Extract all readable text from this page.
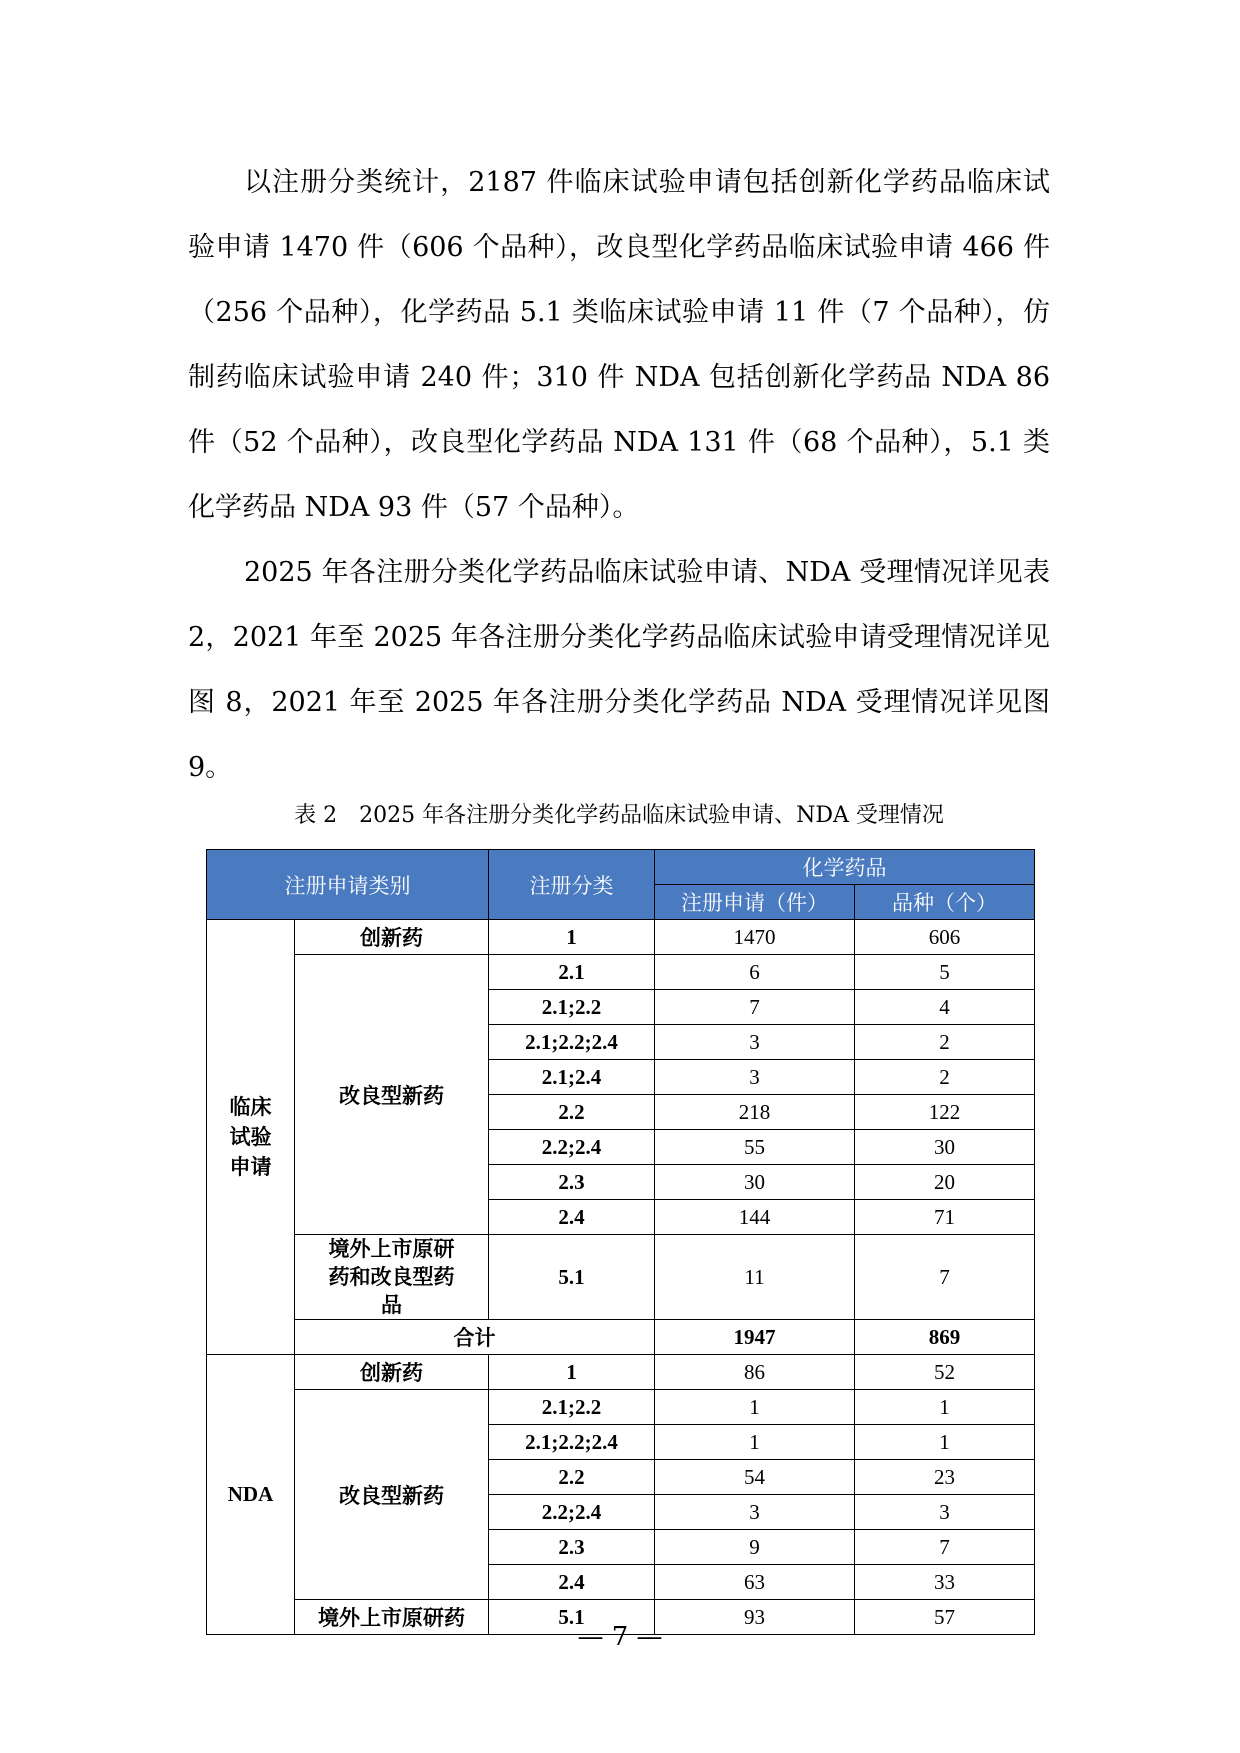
以注册分类统计，2187 件临床试验申请包括创新化学药品临床试验申请 1470 件（606 个品种），改良型化学药品临床试验申请 466 件（256 个品种），化学药品 5.1 类临床试验申请 11 件（7 个品种），仿制药临床试验申请 240 件；310 件 NDA 包括创新化学药品 NDA 86 件（52 个品种），改良型化学药品 NDA 131 件（68 个品种），5.1 类化学药品 NDA 93 件（57 个品种）。

2025 年各注册分类化学药品临床试验申请、NDA 受理情况详见表 2，2021 年至 2025 年各注册分类化学药品临床试验申请受理情况详见图 8，2021 年至 2025 年各注册分类化学药品 NDA 受理情况详见图 9。

表 2　2025 年各注册分类化学药品临床试验申请、NDA 受理情况
注册申请类别		注册分类	化学药品	
			注册申请（件）	品种（个）
临床试验申请	创新药	1	1470	606
	改良型新药	2.1	6	5
		2.1;2.2	7	4
		2.1;2.2;2.4	3	2
		2.1;2.4	3	2
		2.2	218	122
		2.2;2.4	55	30
		2.3	30	20
		2.4	144	71
	境外上市原研药和改良型药品	5.1	11	7
	合计		1947	869
NDA	创新药	1	86	52
	改良型新药	2.1;2.2	1	1
		2.1;2.2;2.4	1	1
		2.2	54	23
		2.2;2.4	3	3
		2.3	9	7
		2.4	63	33
	境外上市原研药	5.1	93	57
— 7 —
